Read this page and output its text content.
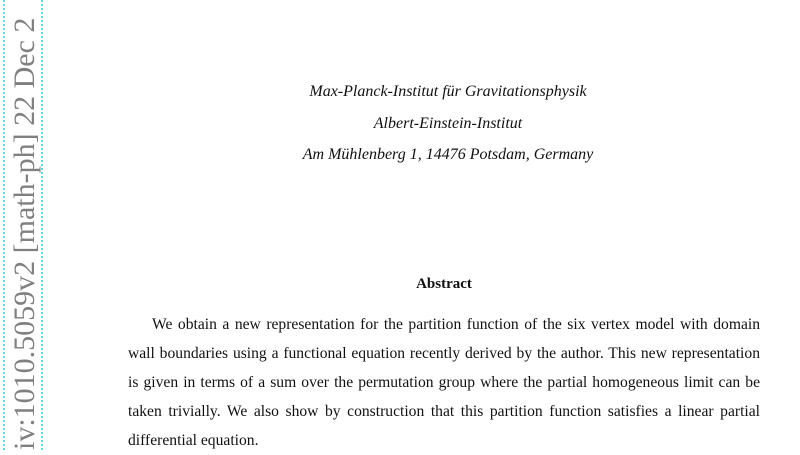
iv:1010.5059v2 [math-ph] 22 Dec 2	Max-Planck-Institut für Gravitationsphysik
Albert-Einstein-Institut
Am Mühlenberg 1, 14476 Potsdam, Germany
Abstract
We obtain a new representation for the partition function of the six vertex model with domain wall boundaries using a functional equation recently derived by the author. This new representation is given in terms of a sum over the permutation group where the partial homogeneous limit can be taken trivially. We also show by construction that this partition function satisfies a linear partial differential equation.
